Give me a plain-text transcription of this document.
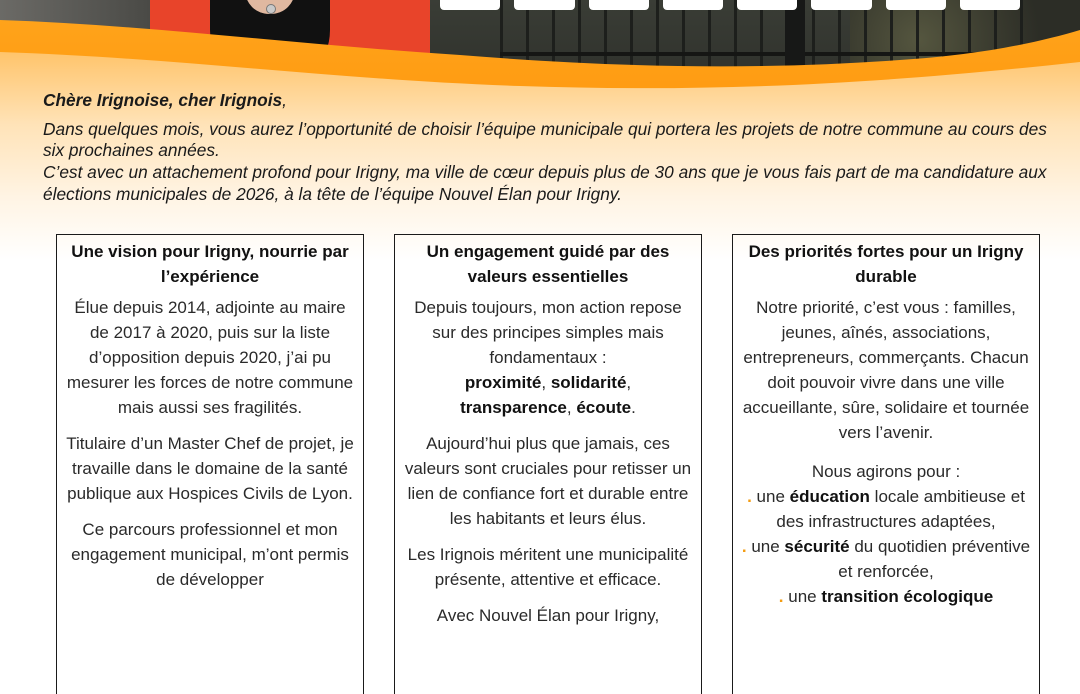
Chère Irignoise, cher Irignois,

Dans quelques mois, vous aurez l’opportunité de choisir l’équipe municipale qui portera les projets de notre commune au cours des six prochaines années.

C’est avec un attachement profond pour Irigny, ma ville de cœur depuis plus de 30 ans que je vous fais part de ma candidature aux élections municipales de 2026, à la tête de l’équipe Nouvel Élan pour Irigny.

Une vision pour Irigny, nourrie par l’expérience

Élue depuis 2014, adjointe au maire de 2017 à 2020, puis sur la liste d’opposition depuis 2020, j’ai pu mesurer les forces de notre commune mais aussi ses fragilités.

Titulaire d’un Master Chef de projet, je travaille dans le domaine de la santé publique aux Hospices Civils de Lyon.

Ce parcours professionnel et mon engagement municipal, m’ont permis de développer

Un engagement guidé par des valeurs essentielles

Depuis toujours, mon action repose sur des principes simples mais fondamentaux :
proximité, solidarité,
transparence, écoute.

Aujourd’hui plus que jamais, ces valeurs sont cruciales pour retisser un lien de confiance fort et durable entre les habitants et leurs élus.

Les Irignois méritent une municipalité présente, attentive et efficace.

Avec Nouvel Élan pour Irigny,

Des priorités fortes pour un Irigny durable

Notre priorité, c’est vous : familles, jeunes, aînés, associations, entrepreneurs, commerçants. Chacun doit pouvoir vivre dans une ville accueillante, sûre, solidaire et tournée vers l’avenir.

Nous agirons pour :

. une éducation locale ambitieuse et des infrastructures adaptées,

. une sécurité du quotidien préventive et renforcée,

. une transition écologique
